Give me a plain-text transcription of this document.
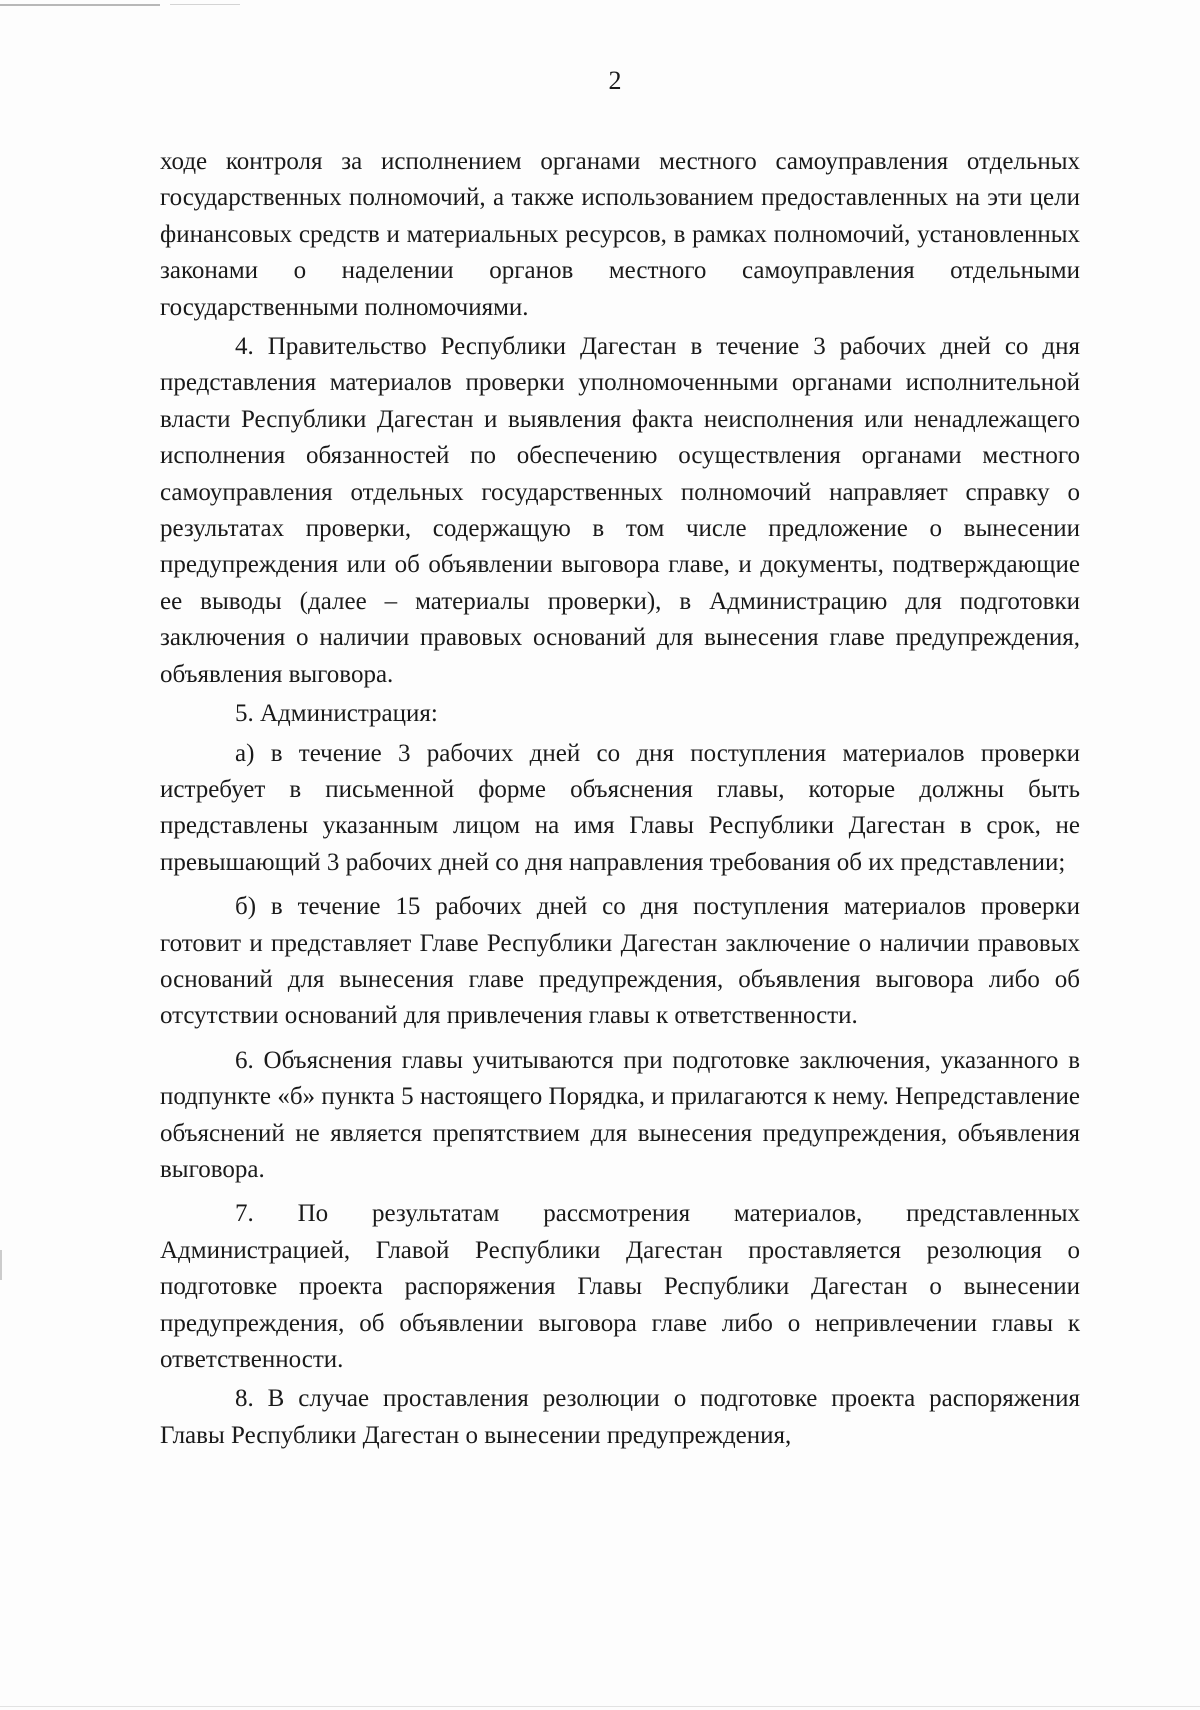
2

ходе контроля за исполнением органами местного самоуправления отдельных государственных полномочий, а также использованием предоставленных на эти цели финансовых средств и материальных ресурсов, в рамках полномочий, установленных законами о наделении органов местного самоуправления отдельными государственными полномочиями.

4. Правительство Республики Дагестан в течение 3 рабочих дней со дня представления материалов проверки уполномоченными органами исполнительной власти Республики Дагестан и выявления факта неисполнения или ненадлежащего исполнения обязанностей по обеспечению осуществления органами местного самоуправления отдельных государственных полномочий направляет справку о результатах проверки, содержащую в том числе предложение о вынесении предупреждения или об объявлении выговора главе, и документы, подтверждающие ее выводы (далее – материалы проверки), в Администрацию для подготовки заключения о наличии правовых оснований для вынесения главе предупреждения, объявления выговора.

5. Администрация:

а) в течение 3 рабочих дней со дня поступления материалов проверки истребует в письменной форме объяснения главы, которые должны быть представлены указанным лицом на имя Главы Республики Дагестан в срок, не превышающий 3 рабочих дней со дня направления требования об их представлении;

б) в течение 15 рабочих дней со дня поступления материалов проверки готовит и представляет Главе Республики Дагестан заключение о наличии правовых оснований для вынесения главе предупреждения, объявления выговора либо об отсутствии оснований для привлечения главы к ответственности.

6. Объяснения главы учитываются при подготовке заключения, указанного в подпункте «б» пункта 5 настоящего Порядка, и прилагаются к нему. Непредставление объяснений не является препятствием для вынесения предупреждения, объявления выговора.

7. По результатам рассмотрения материалов, представленных Администрацией, Главой Республики Дагестан проставляется резолюция о подготовке проекта распоряжения Главы Республики Дагестан о вынесении предупреждения, об объявлении выговора главе либо о непривлечении главы к ответственности.

8. В случае проставления резолюции о подготовке проекта распоряжения Главы Республики Дагестан о вынесении предупреждения,
